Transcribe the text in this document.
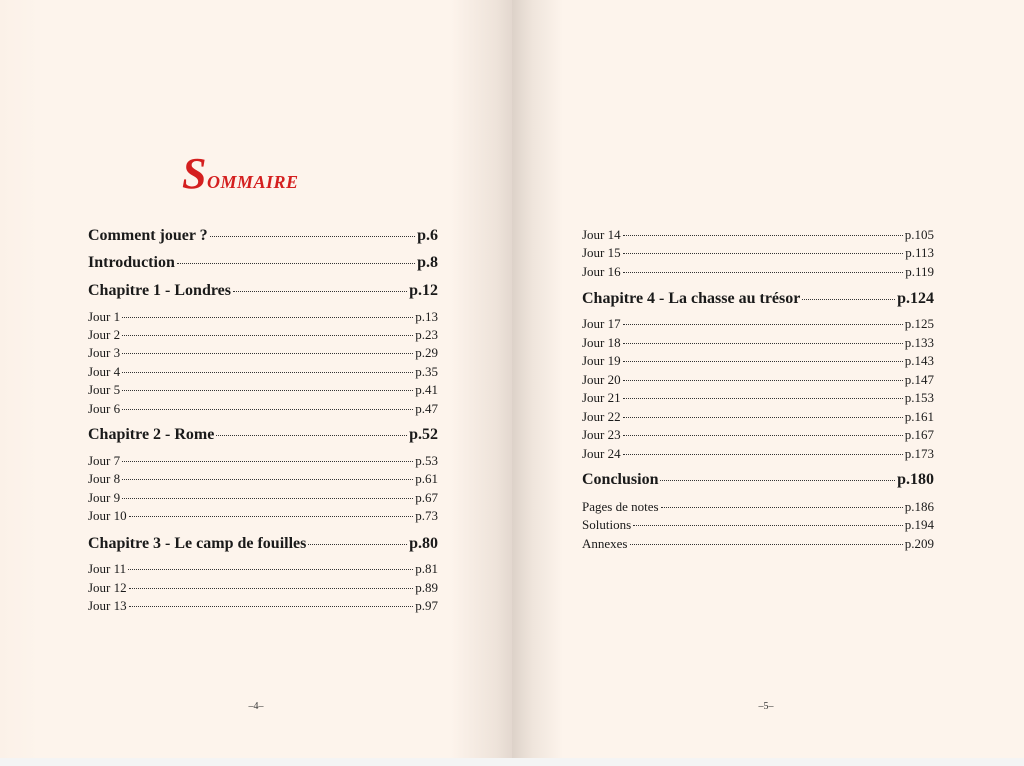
Sommaire
Comment jouer ?	p.6
Introduction	p.8
Chapitre 1 - Londres	p.12
Jour 1	p.13
Jour 2	p.23
Jour 3	p.29
Jour 4	p.35
Jour 5	p.41
Jour 6	p.47
Chapitre 2 - Rome	p.52
Jour 7	p.53
Jour 8	p.61
Jour 9	p.67
Jour 10	p.73
Chapitre 3 - Le camp de fouilles	p.80
Jour 11	p.81
Jour 12	p.89
Jour 13	p.97
–4–
Jour 14	p.105
Jour 15	p.113
Jour 16	p.119
Chapitre 4 - La chasse au trésor	p.124
Jour 17	p.125
Jour 18	p.133
Jour 19	p.143
Jour 20	p.147
Jour 21	p.153
Jour 22	p.161
Jour 23	p.167
Jour 24	p.173
Conclusion	p.180
Pages de notes	p.186
Solutions	p.194
Annexes	p.209
–5–
